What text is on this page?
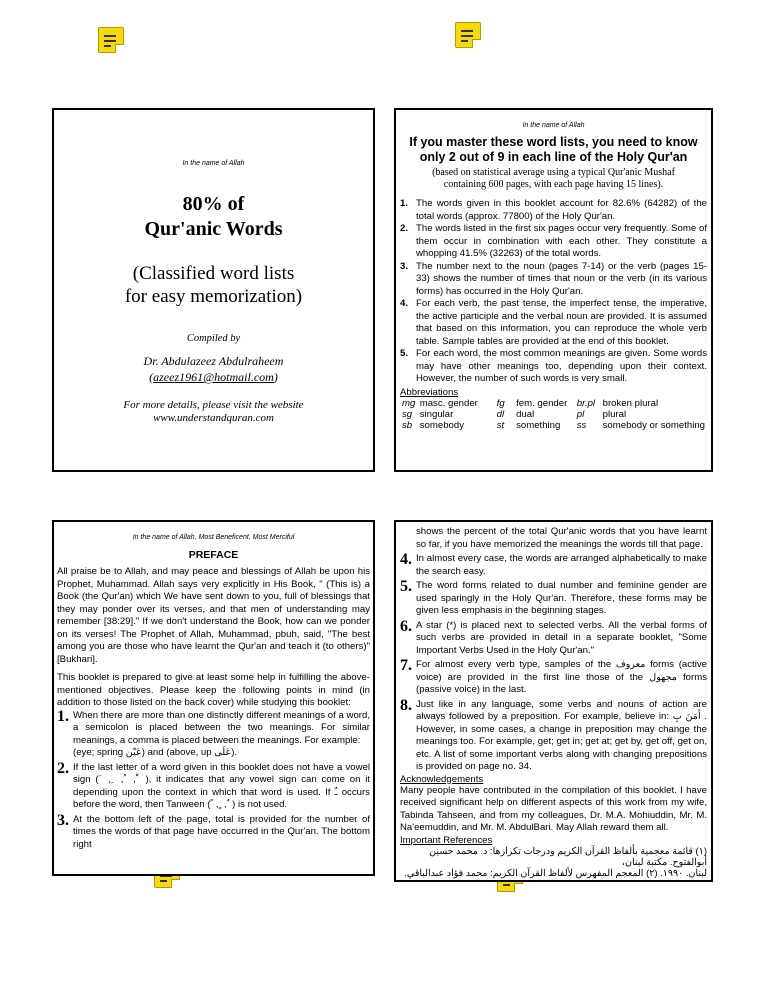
In the name of Allah
80% of
Qur'anic Words
(Classified word lists
for easy memorization)
Compiled by
Dr. Abdulazeez Abdulraheem
(azeez1961@hotmail.com)
For more details, please visit the website
www.understandquran.com
In the name of Allah
If you master these word lists, you need to know only 2 out of 9 in each line of the Holy Qur'an
(based on statistical average using a typical Qur'anic Mushaf containing 600 pages, with each page having 15 lines).
1. The words given in this booklet account for 82.6% (64282) of the total words (approx. 77800) of the Holy Qur'an.
2. The words listed in the first six pages occur very frequently. Some of them occur in combination with each other. They constitute a whopping 41.5% (32263) of the total words.
3. The number next to the noun (pages 7-14) or the verb (pages 15-33) shows the number of times that noun or the verb (in its various forms) has occurred in the Holy Qur'an.
4. For each verb, the past tense, the imperfect tense, the imperative, the active participle and the verbal noun are provided. It is assumed that based on this information, you can reproduce the whole verb table. Sample tables are provided at the end of this booklet.
5. For each word, the most common meanings are given. Some words may have other meanings too, depending upon their context. However, the number of such words is very small.
Abbreviations
mg	masc. gender	fg	fem. gender	br.pl	broken plural
sg	singular	dl	dual	pl	plural
sb	somebody	st	something	ss	somebody or something
In the name of Allah, Most Beneficent, Most Merciful
PREFACE

All praise be to Allah, and may peace and blessings of Allah be upon his Prophet, Muhammad. Allah says very explicitly in His Book, " (This is) a Book (the Qur'an) which We have sent down to you, full of blessings that they may ponder over its verses, and that men of understanding may remember [38:29]." If we don't understand the Book, how can we ponder on its verses! The Prophet of Allah, Muhammad, pbuh, said, "The best among you are those who have learnt the Qur'an and teach it (to others)" [Bukhari].

This booklet is prepared to give at least some help in fulfilling the above-mentioned objectives. Please keep the following points in mind (in addition to those listed on the back cover) while studying this booklet:

1. When there are more than one distinctly different meanings of a word, a semicolon is placed between the two meanings. For similar meanings, a comma is placed between the meanings. For example:
(eye; spring عَيْن) and (above, up عَلَى).
2. If the last letter of a word given in this booklet does not have a vowel sign ( َ , ِ , ُ , ْ ), it indicates that any vowel sign can come on it depending upon the context in which that word is used. If ـٌ occurs before the word, then Tanween ( ً , ٍ , ٌ ) is not used.
3. At the bottom left of the page, total is provided for the number of times the words of that page have occurred in the Qur'an. The bottom right
shows the percent of the total Qur'anic words that you have learnt so far, if you have memorized the meanings the words till that page.
4. In almost every case, the words are arranged alphabetically to make the search easy.
5. The word forms related to dual number and feminine gender are used sparingly in the Holy Qur'an. Therefore, these forms may be given less emphasis in the beginning stages.
6. A star (*) is placed next to selected verbs. All the verbal forms of such verbs are provided in detail in a separate booklet, "Some Important Verbs Used in the Holy Qur'an."
7. For almost every verb type, samples of the معروف forms (active voice) are provided in the first line those of the مجهول forms (passive voice) in the last.
8. Just like in any language, some verbs and nouns of action are always followed by a preposition. For example, believe in: أمَنَ بِ . However, in some cases, a change in preposition may change the meanings too. For example, get; get in; get at; get by, get off, get on, etc. A list of some important verbs along with changing prepositions is provided on page no. 34.
Acknowledgements

Many people have contributed in the compilation of this booklet. I have received significant help on different aspects of this work from my wife, Tabinda Tahseen, and from my colleagues, Dr. M.A. Mohiuddin, Mr. M. Na'eemuddin, and Mr. M. AbdulBari. May Allah reward them all.

Important References
(١) قائمة معجمية بألفاظ القرآن الكريم ودرجات تكرارها: د. محمد حسين أبوالفتوح. مكتبة لبنان،
لبنان. ١٩٩٠. (٢) المعجم المفهرس لألفاظ القرآن الكريم: محمد فؤاد عبدالباقي.
